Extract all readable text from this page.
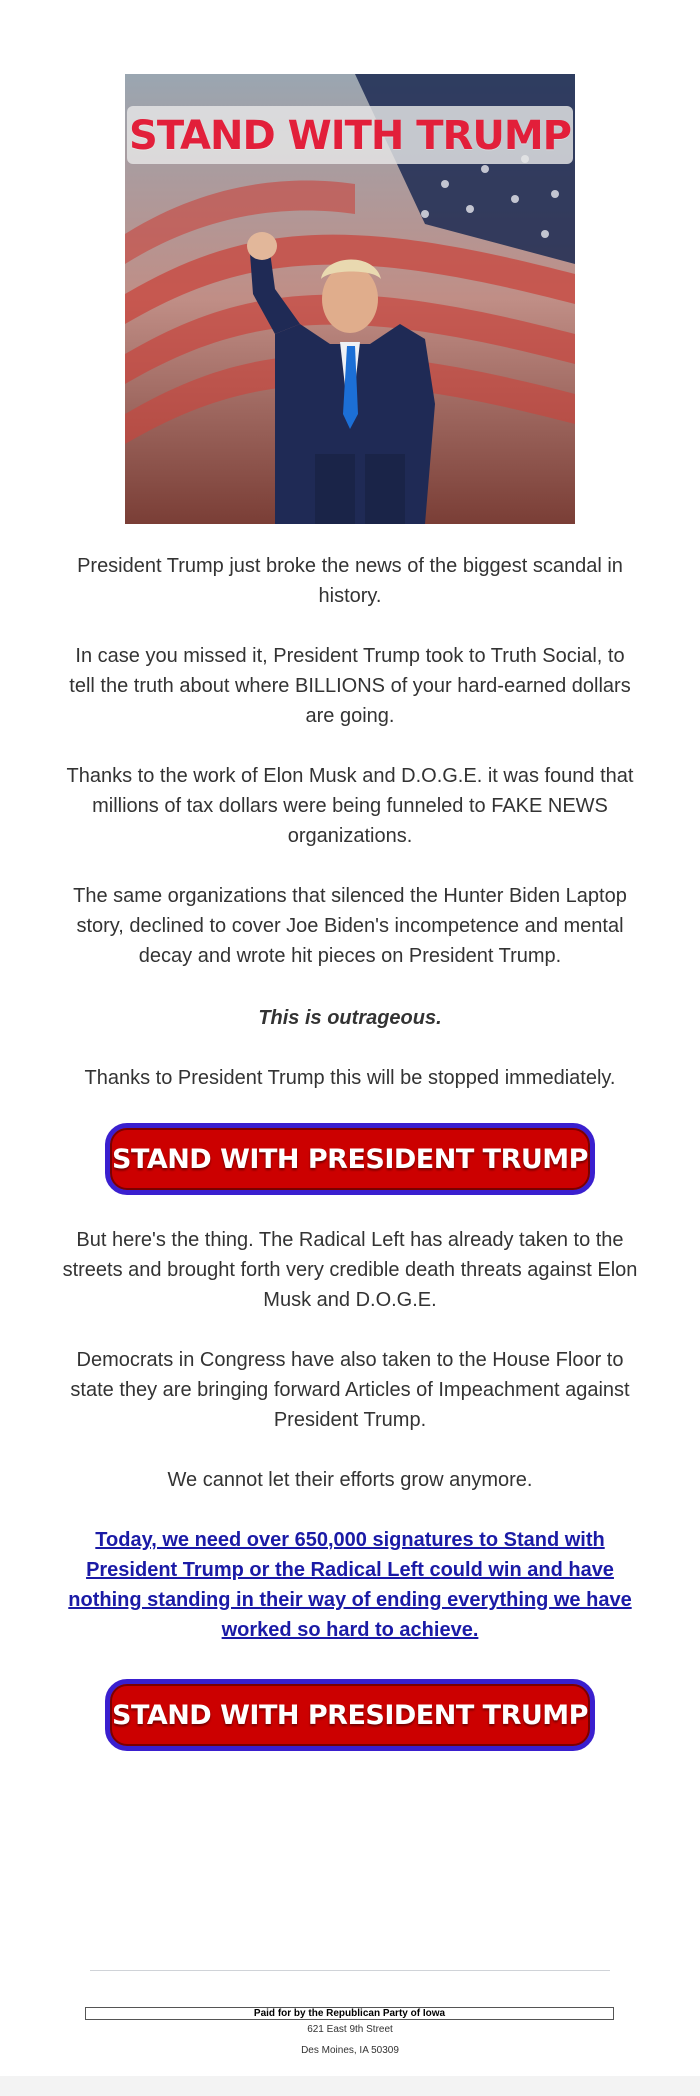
STAND WITH TRUMP

President Trump just broke the news of the biggest scandal in history.

In case you missed it, President Trump took to Truth Social, to tell the truth about where BILLIONS of your hard-earned dollars are going.

Thanks to the work of Elon Musk and D.O.G.E. it was found that millions of tax dollars were being funneled to FAKE NEWS organizations.

The same organizations that silenced the Hunter Biden Laptop story, declined to cover Joe Biden's incompetence and mental decay and wrote hit pieces on President Trump.

This is outrageous.

Thanks to President Trump this will be stopped immediately.

STAND WITH PRESIDENT TRUMP

But here's the thing. The Radical Left has already taken to the streets and brought forth very credible death threats against Elon Musk and D.O.G.E.

Democrats in Congress have also taken to the House Floor to state they are bringing forward Articles of Impeachment against President Trump.

We cannot let their efforts grow anymore.

Today, we need over 650,000 signatures to Stand with President Trump or the Radical Left could win and have nothing standing in their way of ending everything we have worked so hard to achieve.

STAND WITH PRESIDENT TRUMP
Paid for by the Republican Party of Iowa
621 East 9th Street
Des Moines, IA 50309
